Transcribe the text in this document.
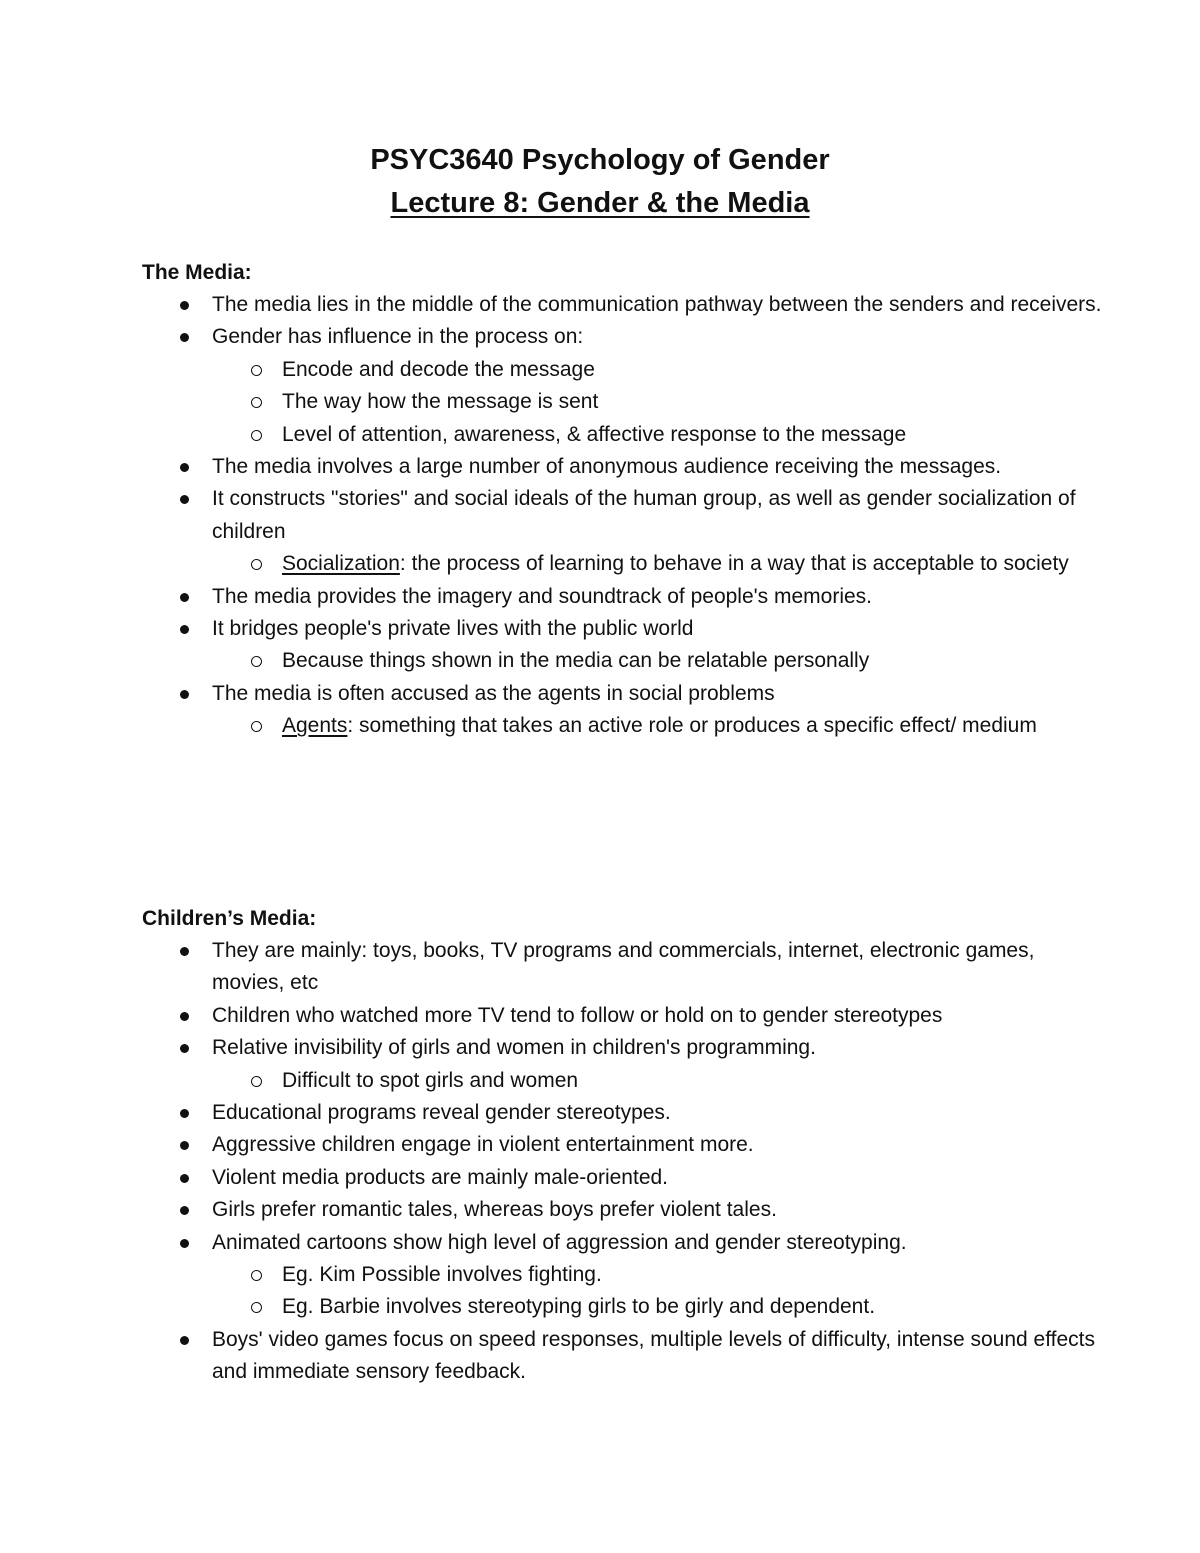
PSYC3640 Psychology of Gender
Lecture 8: Gender & the Media

The Media:

The media lies in the middle of the communication pathway between the senders and receivers.
Gender has influence in the process on:
Encode and decode the message
The way how the message is sent
Level of attention, awareness, & affective response to the message
The media involves a large number of anonymous audience receiving the messages.
It constructs "stories" and social ideals of the human group, as well as gender socialization of children
Socialization: the process of learning to behave in a way that is acceptable to society
The media provides the imagery and soundtrack of people's memories.
It bridges people's private lives with the public world
Because things shown in the media can be relatable personally
The media is often accused as the agents in social problems
Agents: something that takes an active role or produces a specific effect/ medium

Children’s Media:

They are mainly: toys, books, TV programs and commercials, internet, electronic games, movies, etc
Children who watched more TV tend to follow or hold on to gender stereotypes
Relative invisibility of girls and women in children's programming.
Difficult to spot girls and women
Educational programs reveal gender stereotypes.
Aggressive children engage in violent entertainment more.
Violent media products are mainly male-oriented.
Girls prefer romantic tales, whereas boys prefer violent tales.
Animated cartoons show high level of aggression and gender stereotyping.
Eg. Kim Possible involves fighting.
Eg. Barbie involves stereotyping girls to be girly and dependent.
Boys' video games focus on speed responses, multiple levels of difficulty, intense sound effects and immediate sensory feedback.
